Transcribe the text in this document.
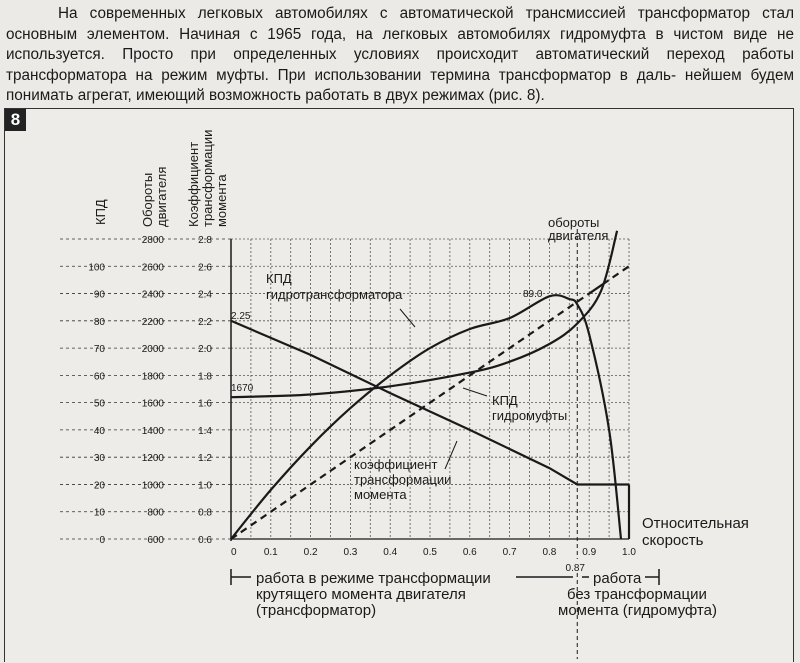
На современных легковых автомобилях с автоматической трансмиссией трансформатор стал основным элементом. Начиная с 1965 года, на легковых автомобилях гидромуфта в чистом виде не используется. Просто при определенных условиях происходит автоматический переход работы трансформатора на режим муфты. При использовании термина трансформатор в даль- нейшем будем понимать агрегат, имеющий возможность работать в двух режимах (рис. 8).

8
КПД Обороты двигателя Коэффициент трансформации момента
2.8
2.6
2.4
2.2
2.0
1.8
1.6
1.4
1.2
1.0
0.8
0.6
2800
2600
2400
2200
2000
1800
1600
1400
1200
1000
800
600
100
90
80
70
60
50
40
30
20
10
0
0	0.1	0.2	0.3	0.4	0.5	0.6	0.7	0.8	0.9	1.0
0.87
обороты
двигателя
КПД
гидротрансформатора
КПД
гидромуфты
коэффициент
трансформации
момента
89.0
2.25
1670
Относительная
скорость
работа в режиме трансформации
крутящего момента двигателя
(трансформатор)
работа
без трансформации
момента (гидромуфта)
